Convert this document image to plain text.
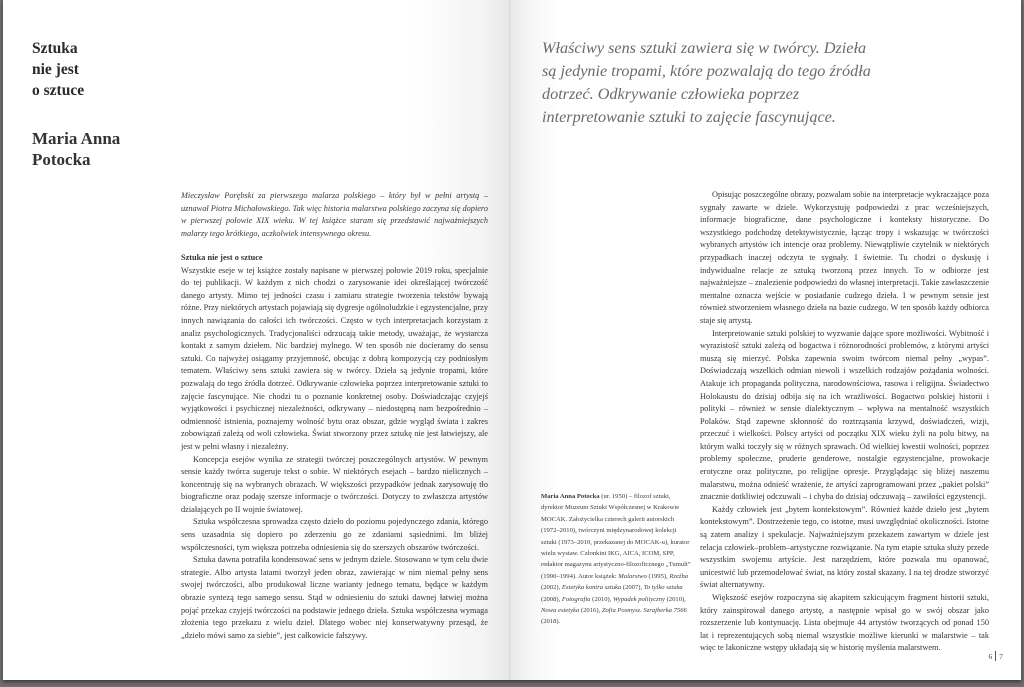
Sztuka
nie jest
o sztuce
Maria Anna
Potocka

Mieczysław Porębski za pierwszego malarza polskiego – który był w pełni artystą – uznawał Piotra Michałowskiego. Tak więc historia malarstwa polskiego zaczyna się dopiero w pierwszej połowie XIX wieku. W tej książce staram się przedstawić najważniejszych malarzy tego krótkiego, aczkolwiek intensywnego okresu.

Sztuka nie jest o sztuce

Wszystkie eseje w tej książce zostały napisane w pierwszej połowie 2019 roku, specjalnie do tej publikacji. W każdym z nich chodzi o zarysowanie idei określającej twórczość danego artysty. Mimo tej jedności czasu i zamiaru strategie tworzenia tekstów bywają różne. Przy niektórych artystach pojawiają się dygresje ogólnoludzkie i egzystencjalne, przy innych nawiązania do całości ich twórczości. Często w tych interpretacjach korzystam z analiz psychologicznych. Tradycjonaliści odrzucają takie metody, uważając, że wystarcza kontakt z samym dziełem. Nic bardziej mylnego. W ten sposób nie docieramy do sensu sztuki. Co najwyżej osiągamy przyjemność, obcując z dobrą kompozycją czy podniosłym tematem. Właściwy sens sztuki zawiera się w twórcy. Dzieła są jedynie tropami, które pozwalają do tego źródła dotrzeć. Odkrywanie człowieka poprzez interpretowanie sztuki to zajęcie fascynujące. Nie chodzi tu o poznanie konkretnej osoby. Doświadczając czyjejś wyjątkowości i psychicznej niezależności, odkrywany – niedostępną nam bezpośrednio – odmienność istnienia, poznajemy wolność bytu oraz obszar, gdzie wygląd świata i zakres zobowiązań zależą od woli człowieka. Świat stworzony przez sztukę nie jest łatwiejszy, ale jest w pełni własny i niezależny.

Koncepcja esejów wynika ze strategii twórczej poszczególnych artystów. W pewnym sensie każdy twórca sugeruje tekst o sobie. W niektórych esejach – bardzo nielicznych – koncentruję się na wybranych obrazach. W większości przypadków jednak zarysowuję tło biograficzne oraz podaję szersze informacje o twórczości. Dotyczy to zwłaszcza artystów działających po II wojnie światowej.

Sztuka współczesna sprowadza często dzieło do poziomu pojedynczego zdania, którego sens uzasadnia się dopiero po zderzeniu go ze zdaniami sąsiednimi. Im bliżej współczesności, tym większa potrzeba odniesienia się do szerszych obszarów twórczości.

Sztuka dawna potrafiła kondensować sens w jednym dziele. Stosowano w tym celu dwie strategie. Albo artysta latami tworzył jeden obraz, zawierając w nim niemal pełny sens swojej twórczości, albo produkował liczne warianty jednego tematu, będące w każdym obrazie syntezą tego samego sensu. Stąd w odniesieniu do sztuki dawnej łatwiej można pojąć przekaz czyjejś twórczości na podstawie jednego dzieła. Sztuka współczesna wymaga złożenia tego przekazu z wielu dzieł. Dlatego wobec niej konserwatywny przesąd, że „dzieło mówi samo za siebie”, jest całkowicie fałszywy.

Właściwy sens sztuki zawiera się w twórcy. Dzieła są jedynie tropami, które pozwalają do tego źródła dotrzeć. Odkrywanie człowieka poprzez interpretowanie sztuki to zajęcie fascynujące.

Maria Anna Potocka (ur. 1950) – filozof sztuki, dyrektor Muzeum Sztuki Współczesnej w Krakowie MOCAK. Założycielka czterech galerii autorskich (1972–2010), twórczyni międzynarodowej kolekcji sztuki (1973–2010, przekazanej do MOCAK-u), kurator wielu wystaw. Członkini IKG, AICA, ICOM, SPP, redaktor magazynu artystyczno-filozoficznego „Tumult” (1990–1994). Autor książek: Malarstwo (1995), Rzeźba (2002), Estetyka kontra sztuka (2007), To tylko sztuka (2008), Fotografia (2010), Wypadek polityczny (2010), Nowa estetyka (2016), Zofia Posmysz. Szrajberka 7566 (2018).

Opisując poszczególne obrazy, pozwalam sobie na interpretacje wykraczające poza sygnały zawarte w dziele. Wykorzystuję podpowiedzi z prac wcześniejszych, informacje biograficzne, dane psychologiczne i konteksty historyczne. Do wszystkiego podchodzę detektywistycznie, łącząc tropy i wskazując w twórczości wybranych artystów ich intencje oraz problemy. Niewątpliwie czytelnik w niektórych przypadkach inaczej odczyta te sygnały. I świetnie. Tu chodzi o dyskusję i indywidualne relacje ze sztuką tworzoną przez innych. To w odbiorze jest najważniejsze – znalezienie podpowiedzi do własnej interpretacji. Takie zawłaszczenie mentalne oznacza wejście w posiadanie cudzego dzieła. I w pewnym sensie jest również stworzeniem własnego dzieła na bazie cudzego. W ten sposób każdy odbiorca staje się artystą.

Interpretowanie sztuki polskiej to wyzwanie dające spore możliwości. Wybitność i wyrazistość sztuki zależą od bogactwa i różnorodności problemów, z którymi artyści muszą się mierzyć. Polska zapewnia swoim twórcom niemal pełny „wypas”. Doświadczają wszelkich odmian niewoli i wszelkich rodzajów pożądania wolności. Atakuje ich propaganda polityczna, narodowościowa, rasowa i religijna. Świadectwo Holokaustu do dzisiaj odbija się na ich wrażliwości. Bogactwo polskiej historii i polityki – również w sensie dialektycznym – wpływa na mentalność wszystkich Polaków. Stąd zapewne skłonność do roztrząsania krzywd, doświadczeń, wizji, przeczuć i wielkości. Polscy artyści od początku XIX wieku żyli na polu bitwy, na którym walki toczyły się w różnych sprawach. Od wielkiej kwestii wolności, poprzez problemy społeczne, pruderie genderowe, nostalgie egzystencjalne, prowokacje erotyczne oraz polityczne, po religijne opresje. Przyglądając się bliżej naszemu malarstwu, można odnieść wrażenie, że artyści zaprogramowani przez „pakiet polski” znacznie dotkliwiej odczuwali – i chyba do dzisiaj odczuwają – zawiłości egzystencji.

Każdy człowiek jest „bytem kontekstowym”. Również każde dzieło jest „bytem kontekstowym”. Dostrzeżenie tego, co istotne, musi uwzględniać okoliczności. Istotne są zatem analizy i spekulacje. Najważniejszym przekazem zawartym w dziele jest relacja człowiek–problem–artystyczne rozwiązanie. Na tym etapie sztuka służy przede wszystkim swojemu artyście. Jest narzędziem, które pozwala mu opanować, unicestwić lub przemodelować świat, na który został skazany. I na tej drodze stworzyć świat alternatywny.

Większość esejów rozpoczyna się akapitem szkicującym fragment historii sztuki, który zainspirował danego artystę, a następnie wpisał go w swój obszar jako rozszerzenie lub kontynuację. Lista obejmuje 44 artystów tworzących od ponad 150 lat i reprezentujących sobą niemal wszystkie możliwe kierunki w malarstwie – tak więc te lakoniczne wstępy układają się w historię myślenia malarstwem.

6 7
